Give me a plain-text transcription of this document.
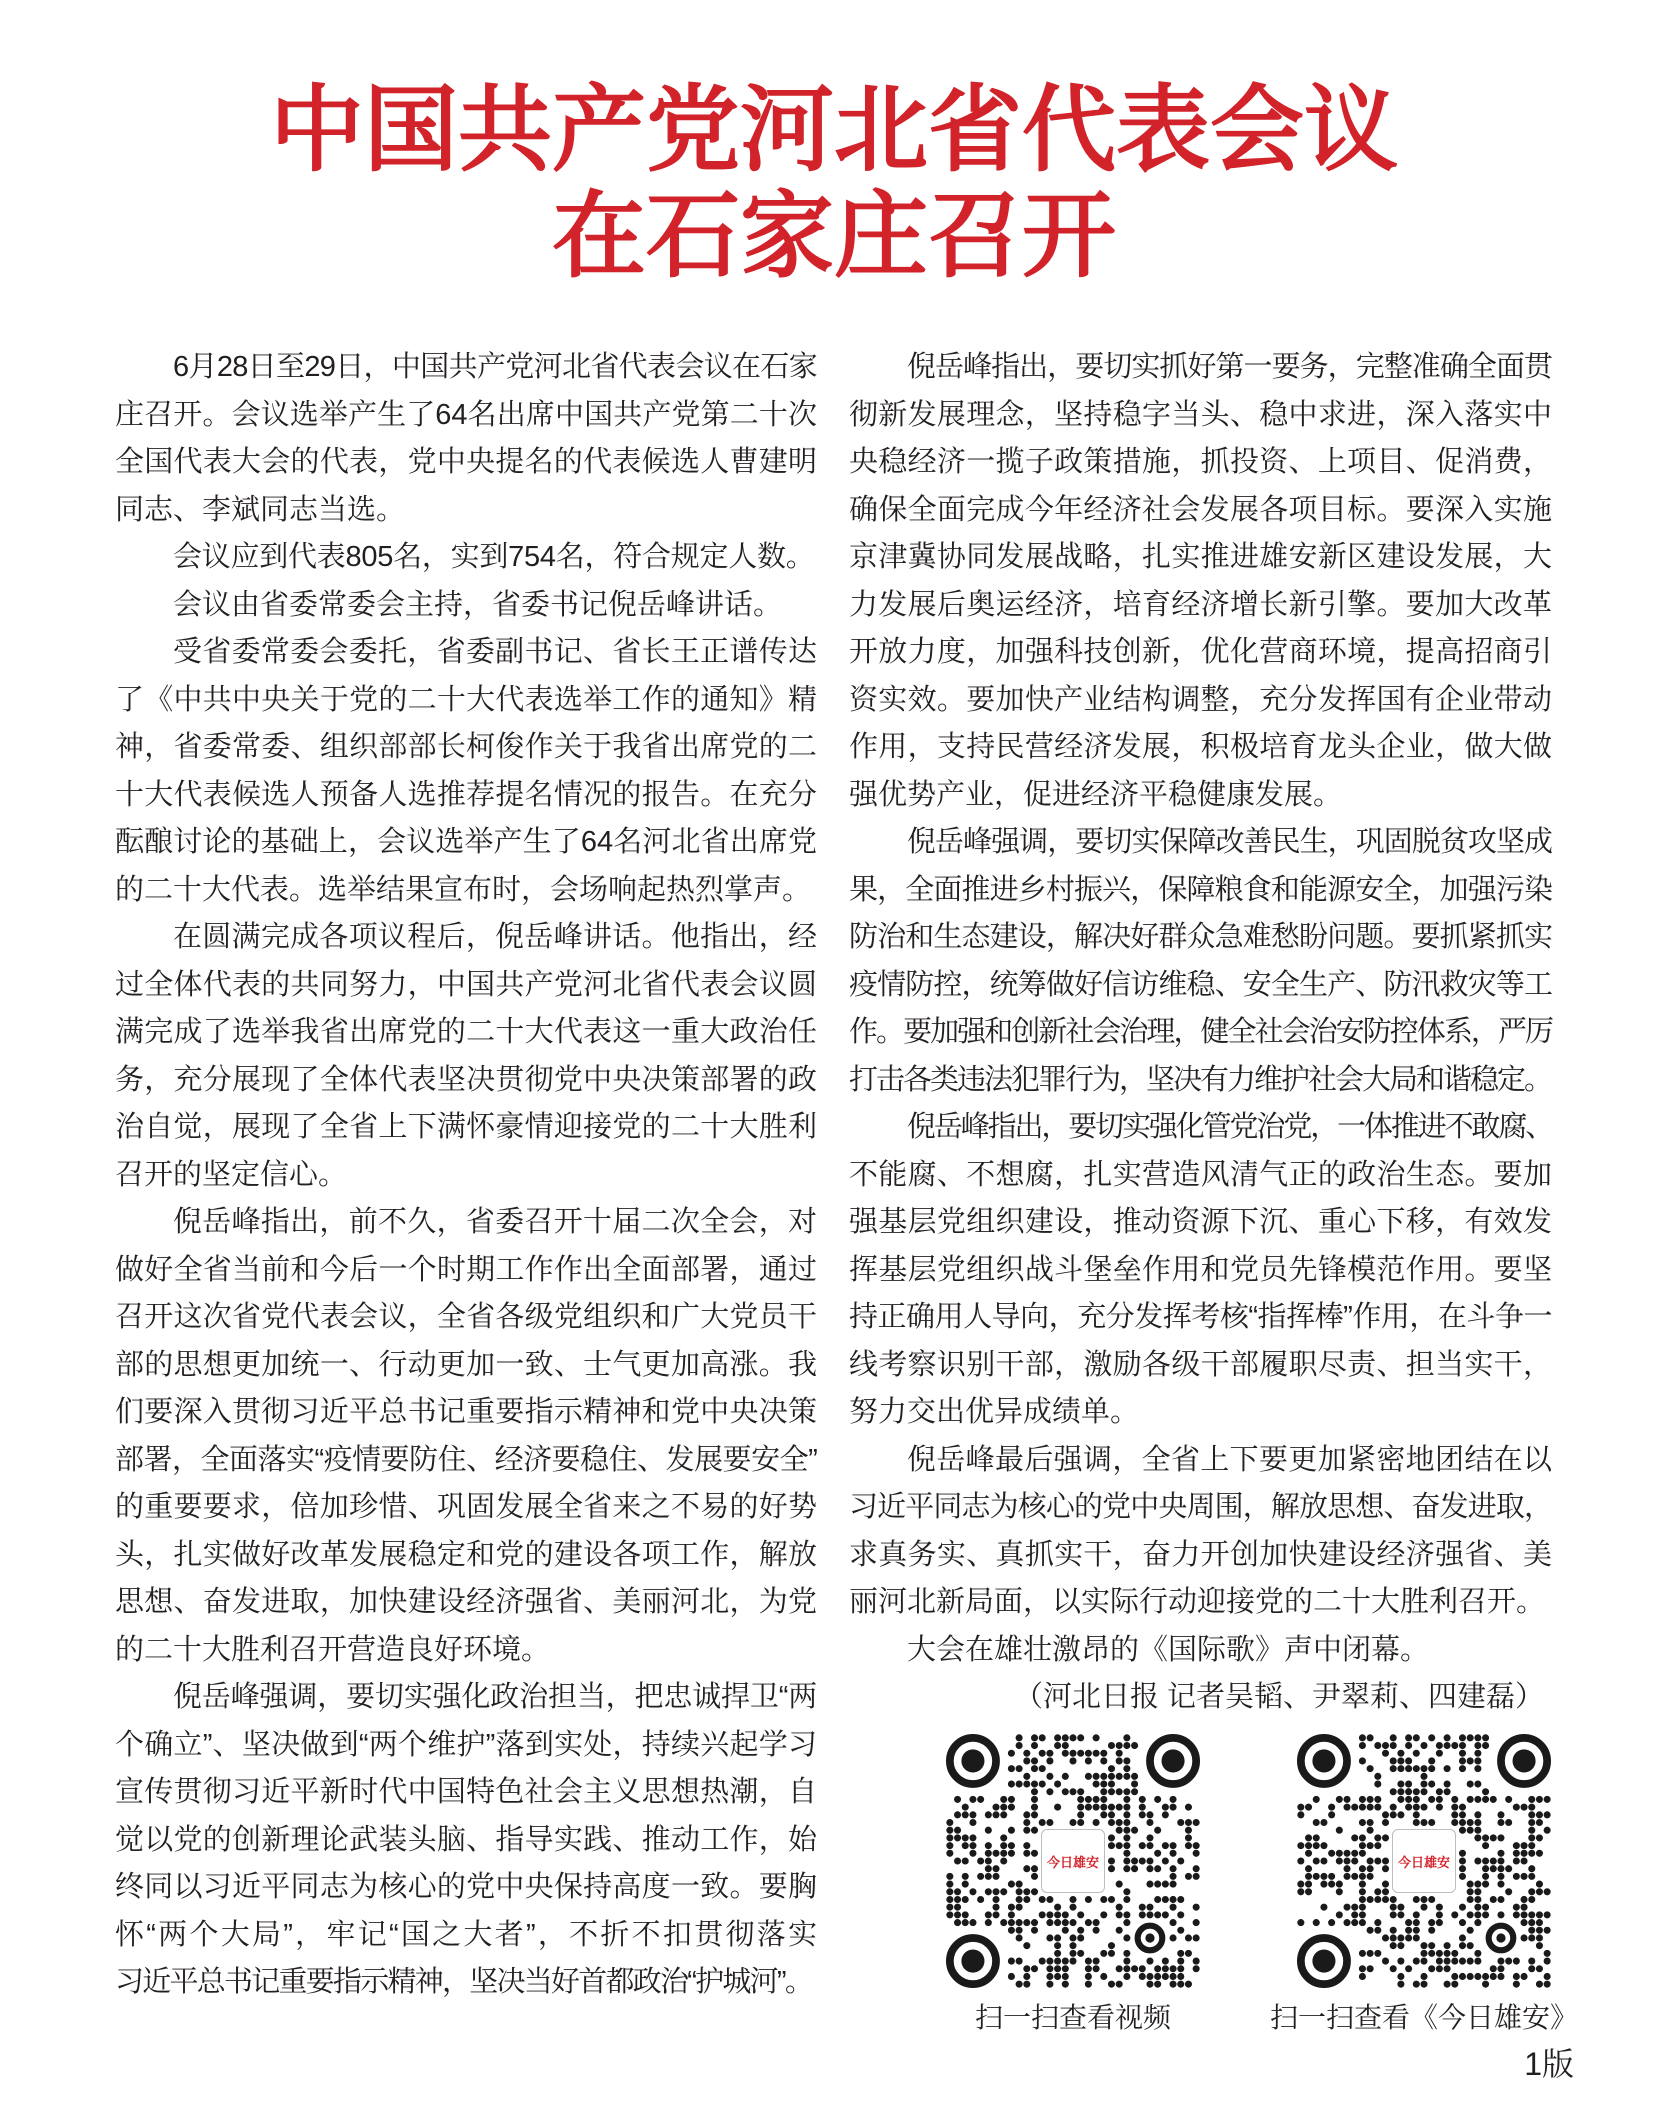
中国共产党河北省代表会议
在石家庄召开
6月28日至29日，中国共产党河北省代表会议在石家
庄召开。会议选举产生了64名出席中国共产党第二十次
全国代表大会的代表，党中央提名的代表候选人曹建明
同志、李斌同志当选。
会议应到代表805名，实到754名，符合规定人数。
会议由省委常委会主持，省委书记倪岳峰讲话。
受省委常委会委托，省委副书记、省长王正谱传达
了《中共中央关于党的二十大代表选举工作的通知》精
神，省委常委、组织部部长柯俊作关于我省出席党的二
十大代表候选人预备人选推荐提名情况的报告。在充分
酝酿讨论的基础上，会议选举产生了64名河北省出席党
的二十大代表。选举结果宣布时，会场响起热烈掌声。
在圆满完成各项议程后，倪岳峰讲话。他指出，经
过全体代表的共同努力，中国共产党河北省代表会议圆
满完成了选举我省出席党的二十大代表这一重大政治任
务，充分展现了全体代表坚决贯彻党中央决策部署的政
治自觉，展现了全省上下满怀豪情迎接党的二十大胜利
召开的坚定信心。
倪岳峰指出，前不久，省委召开十届二次全会，对
做好全省当前和今后一个时期工作作出全面部署，通过
召开这次省党代表会议，全省各级党组织和广大党员干
部的思想更加统一、行动更加一致、士气更加高涨。我
们要深入贯彻习近平总书记重要指示精神和党中央决策
部署，全面落实“疫情要防住、经济要稳住、发展要安全”
的重要要求，倍加珍惜、巩固发展全省来之不易的好势
头，扎实做好改革发展稳定和党的建设各项工作，解放
思想、奋发进取，加快建设经济强省、美丽河北，为党
的二十大胜利召开营造良好环境。
倪岳峰强调，要切实强化政治担当，把忠诚捍卫“两
个确立”、坚决做到“两个维护”落到实处，持续兴起学习
宣传贯彻习近平新时代中国特色社会主义思想热潮，自
觉以党的创新理论武装头脑、指导实践、推动工作，始
终同以习近平同志为核心的党中央保持高度一致。要胸
怀“两个大局”，牢记“国之大者”，不折不扣贯彻落实
习近平总书记重要指示精神，坚决当好首都政治“护城河”。
倪岳峰指出，要切实抓好第一要务，完整准确全面贯
彻新发展理念，坚持稳字当头、稳中求进，深入落实中
央稳经济一揽子政策措施，抓投资、上项目、促消费，
确保全面完成今年经济社会发展各项目标。要深入实施
京津冀协同发展战略，扎实推进雄安新区建设发展，大
力发展后奥运经济，培育经济增长新引擎。要加大改革
开放力度，加强科技创新，优化营商环境，提高招商引
资实效。要加快产业结构调整，充分发挥国有企业带动
作用，支持民营经济发展，积极培育龙头企业，做大做
强优势产业，促进经济平稳健康发展。
倪岳峰强调，要切实保障改善民生，巩固脱贫攻坚成
果，全面推进乡村振兴，保障粮食和能源安全，加强污染
防治和生态建设，解决好群众急难愁盼问题。要抓紧抓实
疫情防控，统筹做好信访维稳、安全生产、防汛救灾等工
作。要加强和创新社会治理，健全社会治安防控体系，严厉
打击各类违法犯罪行为，坚决有力维护社会大局和谐稳定。
倪岳峰指出，要切实强化管党治党，一体推进不敢腐、
不能腐、不想腐，扎实营造风清气正的政治生态。要加
强基层党组织建设，推动资源下沉、重心下移，有效发
挥基层党组织战斗堡垒作用和党员先锋模范作用。要坚
持正确用人导向，充分发挥考核“指挥棒”作用，在斗争一
线考察识别干部，激励各级干部履职尽责、担当实干，
努力交出优异成绩单。
倪岳峰最后强调，全省上下要更加紧密地团结在以
习近平同志为核心的党中央周围，解放思想、奋发进取，
求真务实、真抓实干，奋力开创加快建设经济强省、美
丽河北新局面，以实际行动迎接党的二十大胜利召开。
大会在雄壮激昂的《国际歌》声中闭幕。
（河北日报 记者吴韬、尹翠莉、四建磊）
今日雄安
扫一扫查看视频
今日雄安
扫一扫查看《今日雄安》
1版
